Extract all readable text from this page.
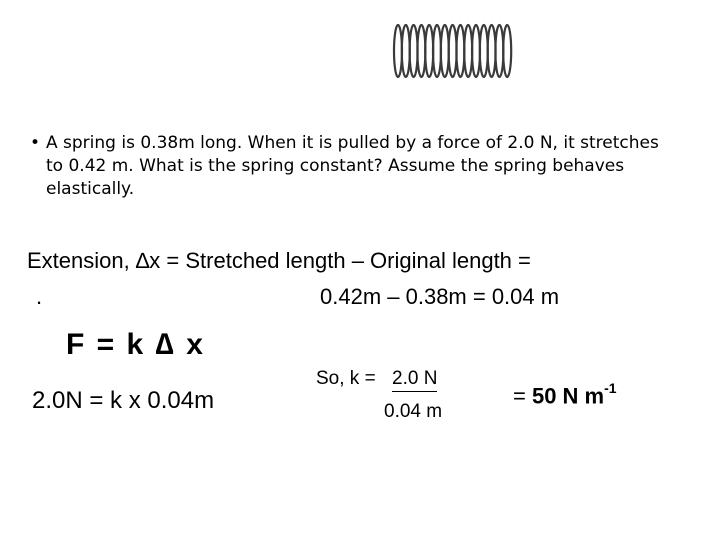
• A spring is 0.38m long. When it is pulled by a force of 2.0 N, it stretches to 0.42 m. What is the spring constant? Assume the spring behaves elastically.
Extension, ∆x = Stretched length – Original length =
.	0.42m – 0.38m = 0.04 m
F = k ∆ x
2.0N = k x 0.04m
So, k = 2.0 N
0.04 m
= 50 N $m^{-1}$
